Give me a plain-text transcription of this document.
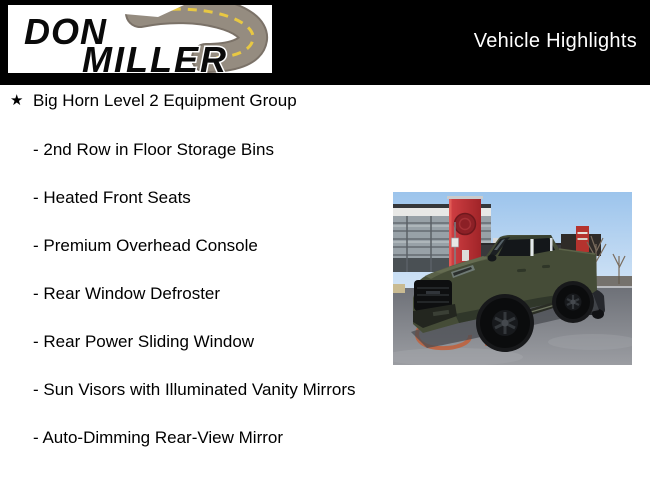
DON
MILLER	Vehicle Highlights
★ Big Horn Level 2 Equipment Group
- 2nd Row in Floor Storage Bins
- Heated Front Seats
- Premium Overhead Console
- Rear Window Defroster
- Rear Power Sliding Window
- Sun Visors with Illuminated Vanity Mirrors
- Auto-Dimming Rear-View Mirror
